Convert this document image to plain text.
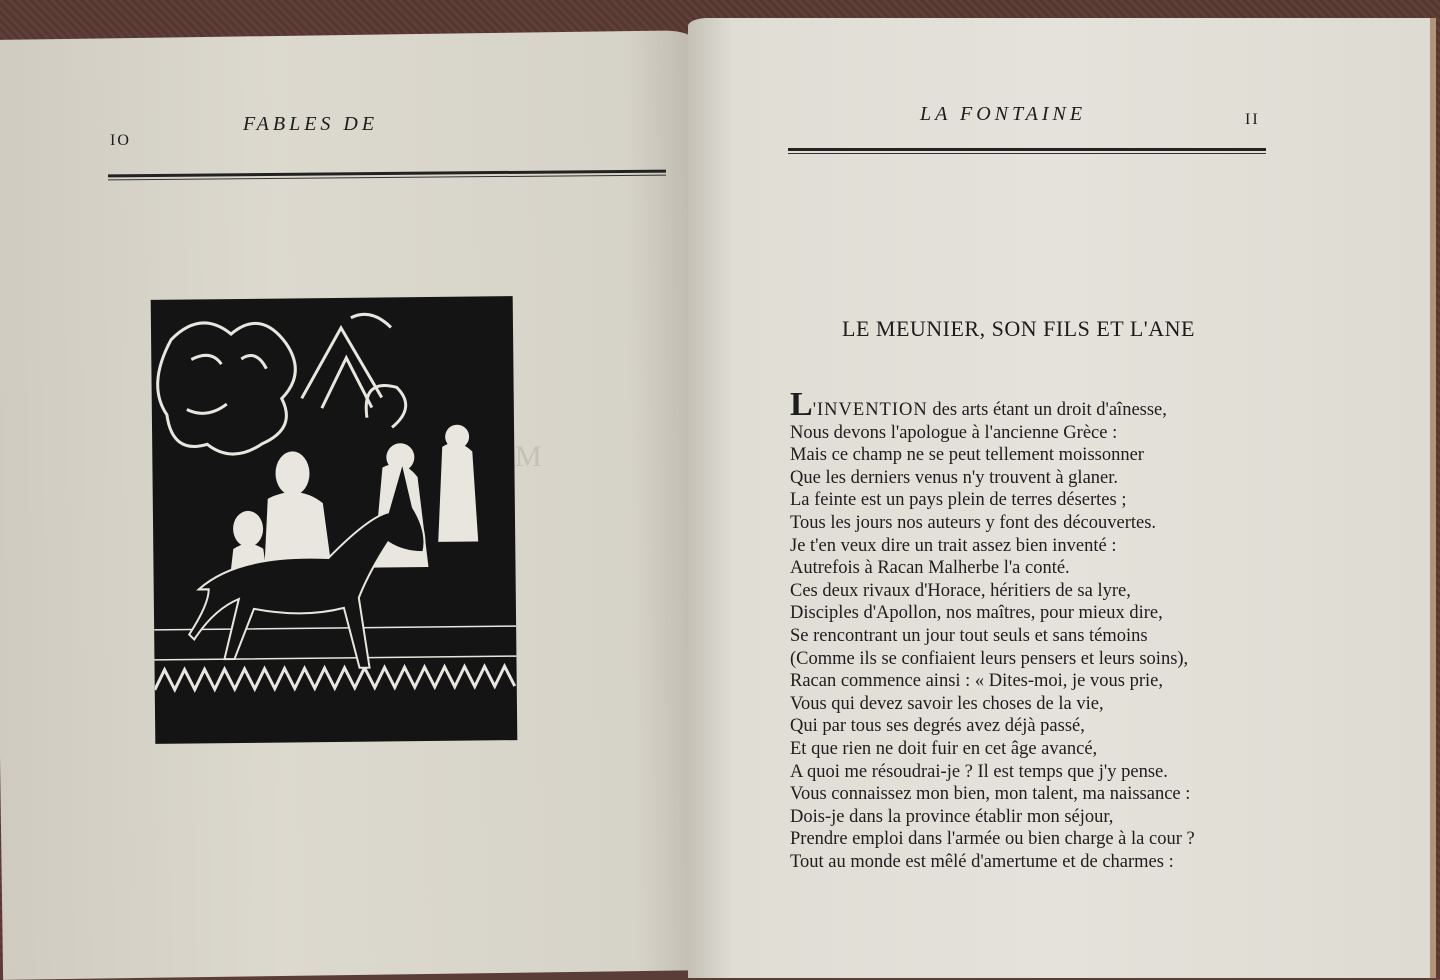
M
IO
FABLES DE	LA FONTAINE	II
LE MEUNIER, SON FILS ET L'ANE
L'INVENTION des arts étant un droit d'aînesse,
Nous devons l'apologue à l'ancienne Grèce :
Mais ce champ ne se peut tellement moissonner
Que les derniers venus n'y trouvent à glaner.
La feinte est un pays plein de terres désertes ;
Tous les jours nos auteurs y font des découvertes.
Je t'en veux dire un trait assez bien inventé :
Autrefois à Racan Malherbe l'a conté.
Ces deux rivaux d'Horace, héritiers de sa lyre,
Disciples d'Apollon, nos maîtres, pour mieux dire,
Se rencontrant un jour tout seuls et sans témoins
(Comme ils se confiaient leurs pensers et leurs soins),
Racan commence ainsi : « Dites-moi, je vous prie,
Vous qui devez savoir les choses de la vie,
Qui par tous ses degrés avez déjà passé,
Et que rien ne doit fuir en cet âge avancé,
A quoi me résoudrai-je ? Il est temps que j'y pense.
Vous connaissez mon bien, mon talent, ma naissance :
Dois-je dans la province établir mon séjour,
Prendre emploi dans l'armée ou bien charge à la cour ?
Tout au monde est mêlé d'amertume et de charmes :
